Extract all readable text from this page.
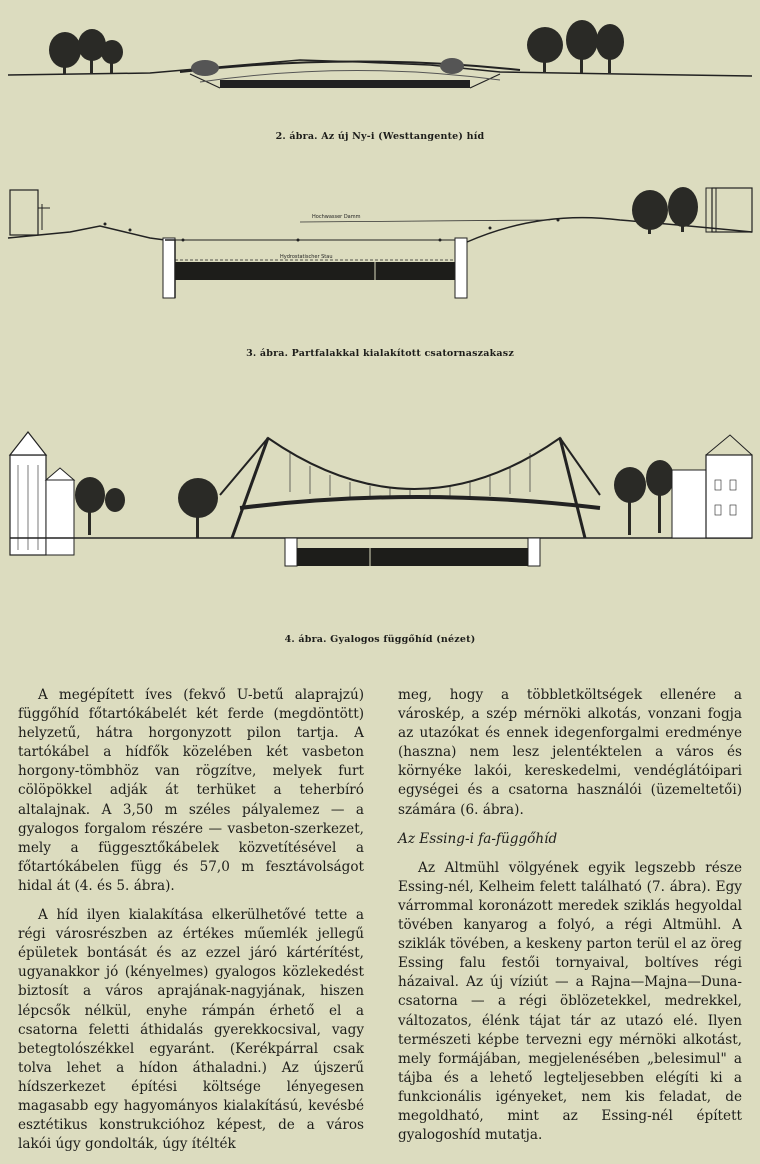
2. ábra. Az új Ny-i (Westtangente) híd
Hochwasser Damm
Hydrostatischer Stau
3. ábra. Partfalakkal kialakított csatornaszakasz
4. ábra. Gyalogos függőhíd (nézet)

A megépített íves (fekvő U-betű alaprajzú) függőhíd főtartókábelét két ferde (megdöntött) helyzetű, hátra horgonyzott pilon tartja. A tartókábel a hídfők közelében két vasbeton horgony-tömbhöz van rögzítve, melyek furt cölöpökkel adják át terhüket a teherbíró altalajnak. A 3,50 m széles pályalemez — a gyalogos forgalom részére — vasbeton-szerkezet, mely a függesztőkábelek közvetítésével a főtartókábelen függ és 57,0 m fesztávolságot hidal át (4. és 5. ábra).

A híd ilyen kialakítása elkerülhetővé tette a régi városrészben az értékes műemlék jellegű épületek bontását és az ezzel járó kártérítést, ugyanakkor jó (kényelmes) gyalogos közlekedést biztosít a város aprajának-nagyjának, hiszen lépcsők nélkül, enyhe rámpán érhető el a csatorna feletti áthidalás gyerekkocsival, vagy betegtolószékkel egyaránt. (Kerékpárral csak tolva lehet a hídon áthaladni.) Az újszerű hídszerkezet építési költsége lényegesen magasabb egy hagyományos kialakítású, kevésbé esztétikus konstrukcióhoz képest, de a város lakói úgy gondolták, úgy ítélték

meg, hogy a többletköltségek ellenére a városkép, a szép mérnöki alkotás, vonzani fogja az utazókat és ennek idegenforgalmi eredménye (haszna) nem lesz jelentéktelen a város és környéke lakói, kereskedelmi, vendéglátóipari egységei és a csatorna használói (üzemeltetői) számára (6. ábra).

Az Essing-i fa-függőhíd

Az Altmühl völgyének egyik legszebb része Essing-nél, Kelheim felett található (7. ábra). Egy várrommal koronázott meredek sziklás hegyoldal tövében kanyarog a folyó, a régi Altmühl. A sziklák tövében, a keskeny parton terül el az öreg Essing falu festői tornyaival, boltíves régi házaival. Az új víziút — a Rajna—Majna—Duna-csatorna — a régi öblözetekkel, medrekkel, változatos, élénk tájat tár az utazó elé. Ilyen természeti képbe tervezni egy mérnöki alkotást, mely formájában, megjelenésében „belesimul" a tájba és a lehető legteljesebben elégíti ki a funkcionális igényeket, nem kis feladat, de megoldható, mint az Essing-nél épített gyalogoshíd mutatja.
